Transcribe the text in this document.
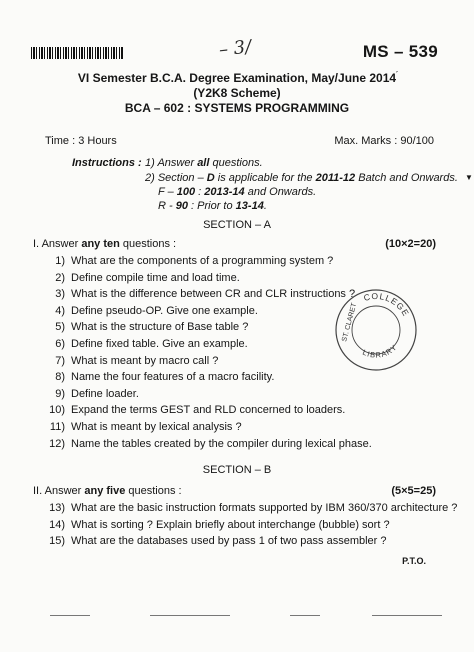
– 3/	MS – 539
ˊ
VI Semester B.C.A. Degree Examination, May/June 2014
(Y2K8 Scheme)
BCA – 602 : SYSTEMS PROGRAMMING
Time : 3 Hours	Max. Marks : 90/100
Instructions : 1) Answer all questions.
2) Section – D is applicable for the 2011-12 Batch and Onwards.
F – 100 : 2013-14 and Onwards.
R - 90 : Prior to 13-14.
▼
SECTION – A
I. Answer any ten questions :	(10×2=20)
1) What are the components of a programming system ?
2) Define compile time and load time.
3) What is the difference between CR and CLR instructions ?
4) Define pseudo-OP. Give one example.
5) What is the structure of Base table ?
6) Define fixed table. Give an example.
7) What is meant by macro call ?
8) Name the four features of a macro facility.
9) Define loader.
10) Expand the terms GEST and RLD concerned to loaders.
11) What is meant by lexical analysis ?
12) Name the tables created by the compiler during lexical phase.
COLLEGE
LIBRARY
ST. CLARET
SECTION – B
II. Answer any five questions :	(5×5=25)
13) What are the basic instruction formats supported by IBM 360/370 architecture ?
14) What is sorting ? Explain briefly about interchange (bubble) sort ?
15) What are the databases used by pass 1 of two pass assembler ?
P.T.O.
